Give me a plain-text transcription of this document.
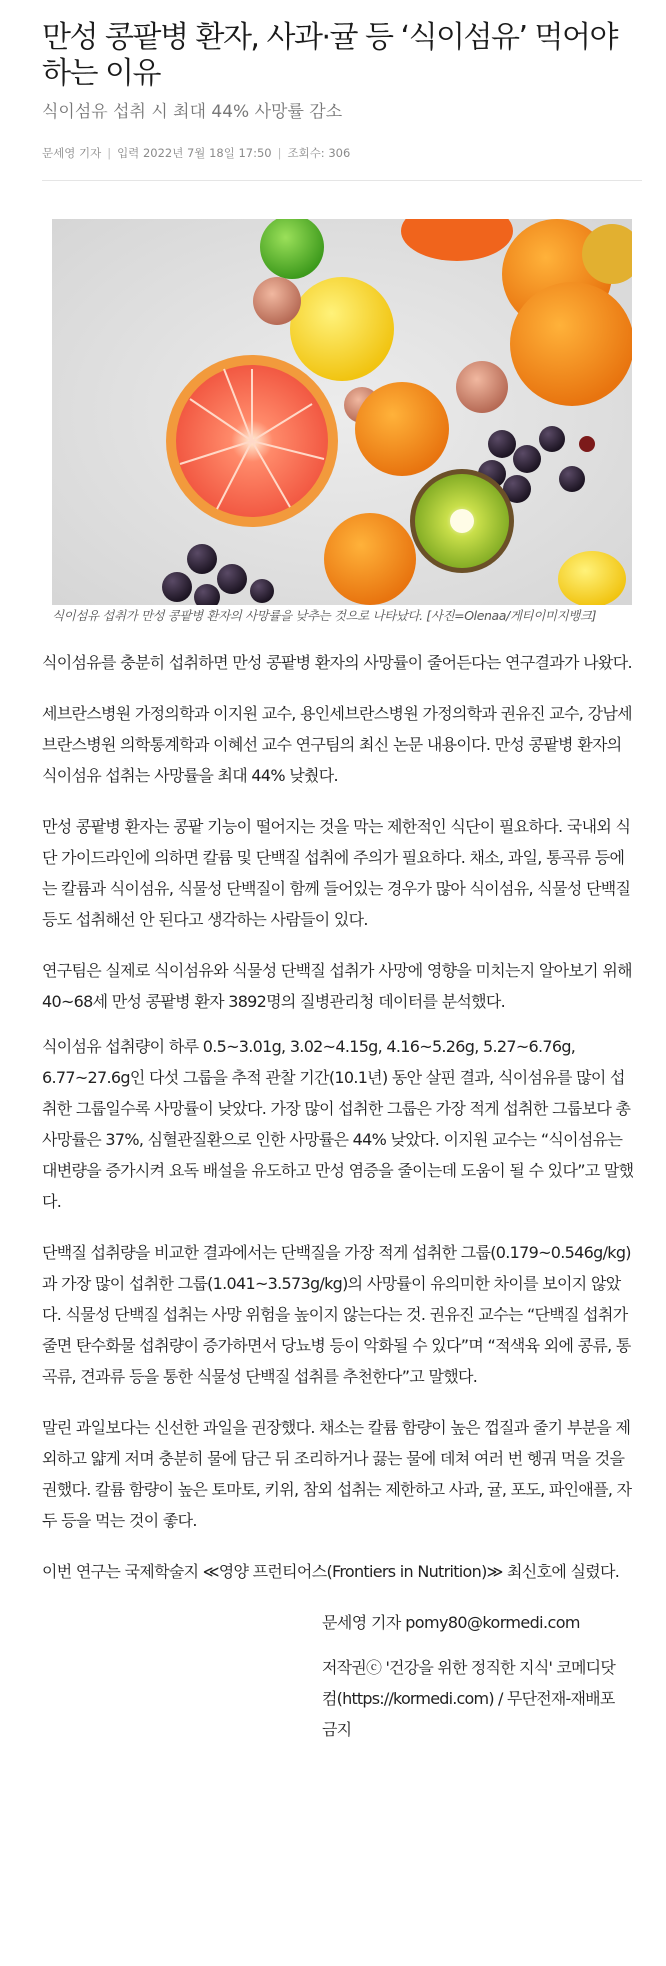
만성 콩팥병 환자, 사과·귤 등 ‘식이섬유’ 먹어야 하는 이유
식이섬유 섭취 시 최대 44% 사망률 감소
문세영 기자 | 입력 2022년 7월 18일 17:50 | 조회수: 306
식이섬유 섭취가 만성 콩팥병 환자의 사망률을 낮추는 것으로 나타났다. [사진=Olenaa/게티이미지뱅크]

식이섬유를 충분히 섭취하면 만성 콩팥병 환자의 사망률이 줄어든다는 연구결과가 나왔다.

세브란스병원 가정의학과 이지원 교수, 용인세브란스병원 가정의학과 권유진 교수, 강남세브란스병원 의학통계학과 이혜선 교수 연구팀의 최신 논문 내용이다. 만성 콩팥병 환자의 식이섬유 섭취는 사망률을 최대 44% 낮췄다.

만성 콩팥병 환자는 콩팥 기능이 떨어지는 것을 막는 제한적인 식단이 필요하다. 국내외 식단 가이드라인에 의하면 칼륨 및 단백질 섭취에 주의가 필요하다. 채소, 과일, 통곡류 등에는 칼륨과 식이섬유, 식물성 단백질이 함께 들어있는 경우가 많아 식이섬유, 식물성 단백질 등도 섭취해선 안 된다고 생각하는 사람들이 있다.

연구팀은 실제로 식이섬유와 식물성 단백질 섭취가 사망에 영향을 미치는지 알아보기 위해 40~68세 만성 콩팥병 환자 3892명의 질병관리청 데이터를 분석했다.

식이섬유 섭취량이 하루 0.5~3.01g, 3.02~4.15g, 4.16~5.26g, 5.27~6.76g, 6.77~27.6g인 다섯 그룹을 추적 관찰 기간(10.1년) 동안 살핀 결과, 식이섬유를 많이 섭취한 그룹일수록 사망률이 낮았다. 가장 많이 섭취한 그룹은 가장 적게 섭취한 그룹보다 총 사망률은 37%, 심혈관질환으로 인한 사망률은 44% 낮았다. 이지원 교수는 “식이섬유는 대변량을 증가시켜 요독 배설을 유도하고 만성 염증을 줄이는데 도움이 될 수 있다”고 말했다.

단백질 섭취량을 비교한 결과에서는 단백질을 가장 적게 섭취한 그룹(0.179~0.546g/kg)과 가장 많이 섭취한 그룹(1.041~3.573g/kg)의 사망률이 유의미한 차이를 보이지 않았다. 식물성 단백질 섭취는 사망 위험을 높이지 않는다는 것. 권유진 교수는 “단백질 섭취가 줄면 탄수화물 섭취량이 증가하면서 당뇨병 등이 악화될 수 있다”며 “적색육 외에 콩류, 통곡류, 견과류 등을 통한 식물성 단백질 섭취를 추천한다”고 말했다.

말린 과일보다는 신선한 과일을 권장했다. 채소는 칼륨 함량이 높은 껍질과 줄기 부분을 제외하고 얇게 저며 충분히 물에 담근 뒤 조리하거나 끓는 물에 데쳐 여러 번 헹궈 먹을 것을 권했다. 칼륨 함량이 높은 토마토, 키위, 참외 섭취는 제한하고 사과, 귤, 포도, 파인애플, 자두 등을 먹는 것이 좋다.

이번 연구는 국제학술지 ≪영양 프런티어스(Frontiers in Nutrition)≫ 최신호에 실렸다.

문세영 기자 pomy80@kormedi.com

저작권ⓒ '건강을 위한 정직한 지식' 코메디닷컴(https://kormedi.com) / 무단전재-재배포 금지
